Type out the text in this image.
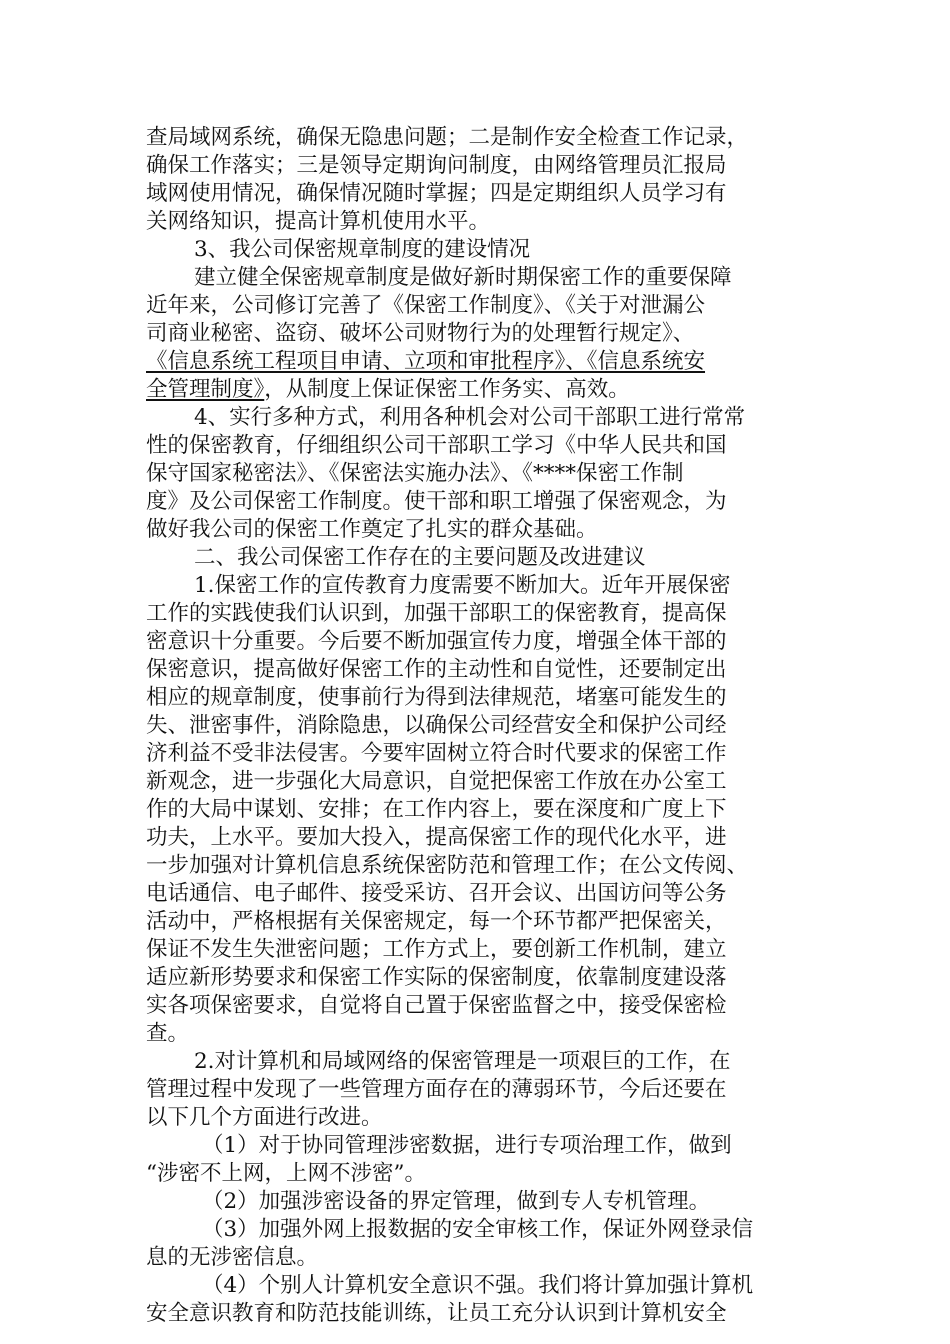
查局域网系统，确保无隐患问题；二是制作安全检查工作记录，
确保工作落实；三是领导定期询问制度，由网络管理员汇报局
域网使用情况，确保情况随时掌握；四是定期组织人员学习有
关网络知识，提高计算机使用水平。
3、我公司保密规章制度的建设情况
建立健全保密规章制度是做好新时期保密工作的重要保障
近年来，公司修订完善了《保密工作制度》、《关于对泄漏公
司商业秘密、盗窃、破坏公司财物行为的处理暂行规定》、
《信息系统工程项目申请、立项和审批程序》、《信息系统安
全管理制度》，从制度上保证保密工作务实、高效。
4、实行多种方式，利用各种机会对公司干部职工进行常常
性的保密教育，仔细组织公司干部职工学习《中华人民共和国
保守国家秘密法》、《保密法实施办法》、《****保密工作制
度》及公司保密工作制度。使干部和职工增强了保密观念，为
做好我公司的保密工作奠定了扎实的群众基础。
二、我公司保密工作存在的主要问题及改进建议
1.保密工作的宣传教育力度需要不断加大。近年开展保密
工作的实践使我们认识到，加强干部职工的保密教育，提高保
密意识十分重要。今后要不断加强宣传力度，增强全体干部的
保密意识，提高做好保密工作的主动性和自觉性，还要制定出
相应的规章制度，使事前行为得到法律规范，堵塞可能发生的
失、泄密事件，消除隐患，以确保公司经营安全和保护公司经
济利益不受非法侵害。今要牢固树立符合时代要求的保密工作
新观念，进一步强化大局意识，自觉把保密工作放在办公室工
作的大局中谋划、安排；在工作内容上，要在深度和广度上下
功夫，上水平。要加大投入，提高保密工作的现代化水平，进
一步加强对计算机信息系统保密防范和管理工作；在公文传阅、
电话通信、电子邮件、接受采访、召开会议、出国访问等公务
活动中，严格根据有关保密规定，每一个环节都严把保密关，
保证不发生失泄密问题；工作方式上，要创新工作机制，建立
适应新形势要求和保密工作实际的保密制度，依靠制度建设落
实各项保密要求，自觉将自己置于保密监督之中，接受保密检
查。
2.对计算机和局域网络的保密管理是一项艰巨的工作，在
管理过程中发现了一些管理方面存在的薄弱环节，今后还要在
以下几个方面进行改进。
（1）对于协同管理涉密数据，进行专项治理工作，做到
“涉密不上网，上网不涉密”。
（2）加强涉密设备的界定管理，做到专人专机管理。
（3）加强外网上报数据的安全审核工作，保证外网登录信
息的无涉密信息。
（4）个别人计算机安全意识不强。我们将计算加强计算机
安全意识教育和防范技能训练，让员工充分认识到计算机安全
